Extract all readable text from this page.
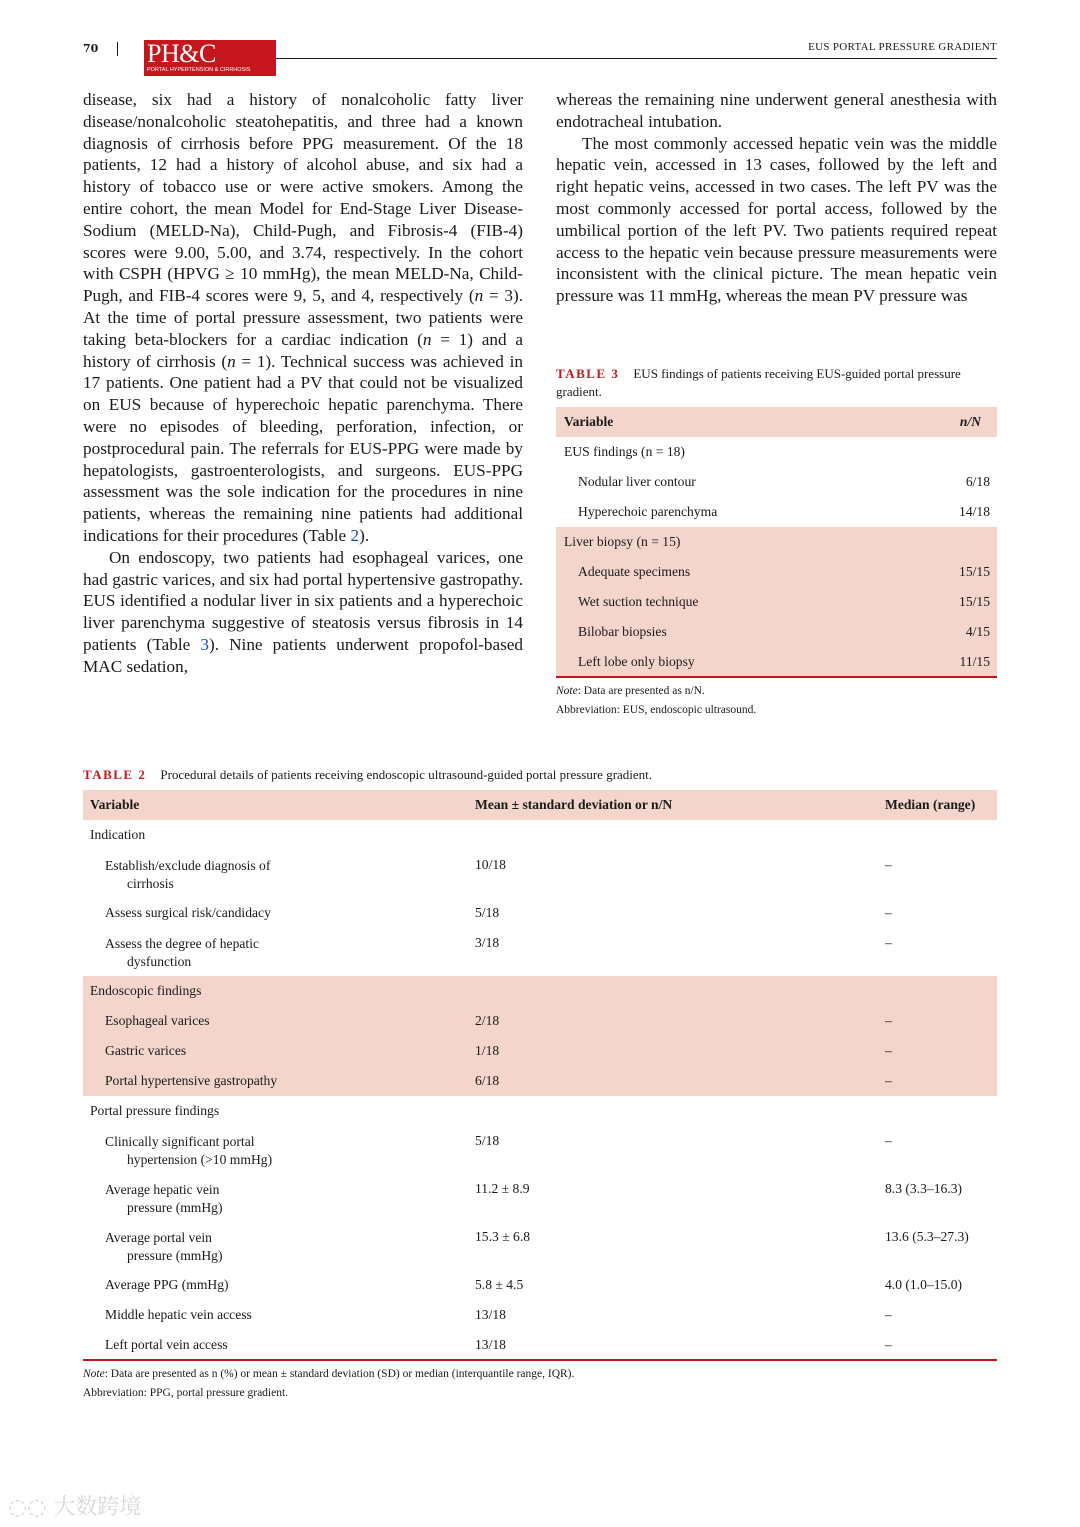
70 PH&C
PORTAL HYPERTENSION & CIRRHOSIS
EUS PORTAL PRESSURE GRADIENT

disease, six had a history of nonalcoholic fatty liver disease/nonalcoholic steatohepatitis, and three had a known diagnosis of cirrhosis before PPG measurement. Of the 18 patients, 12 had a history of alcohol abuse, and six had a history of tobacco use or were active smokers. Among the entire cohort, the mean Model for End-Stage Liver Disease-Sodium (MELD-Na), Child-Pugh, and Fibrosis-4 (FIB-4) scores were 9.00, 5.00, and 3.74, respectively. In the cohort with CSPH (HPVG ≥ 10 mmHg), the mean MELD-Na, Child-Pugh, and FIB-4 scores were 9, 5, and 4, respectively (n = 3). At the time of portal pressure assessment, two patients were taking beta-blockers for a cardiac indication (n = 1) and a history of cirrhosis (n = 1). Technical success was achieved in 17 patients. One patient had a PV that could not be visualized on EUS because of hyperechoic hepatic parenchyma. There were no episodes of bleeding, perforation, infection, or postprocedural pain. The referrals for EUS-PPG were made by hepatologists, gastroenterologists, and surgeons. EUS-PPG assessment was the sole indication for the procedures in nine patients, whereas the remaining nine patients had additional indications for their procedures (Table 2).

On endoscopy, two patients had esophageal varices, one had gastric varices, and six had portal hypertensive gastropathy. EUS identified a nodular liver in six patients and a hyperechoic liver parenchyma suggestive of steatosis versus fibrosis in 14 patients (Table 3). Nine patients underwent propofol-based MAC sedation,

whereas the remaining nine underwent general anesthesia with endotracheal intubation.

The most commonly accessed hepatic vein was the middle hepatic vein, accessed in 13 cases, followed by the left and right hepatic veins, accessed in two cases. The left PV was the most commonly accessed for portal access, followed by the umbilical portion of the left PV. Two patients required repeat access to the hepatic vein because pressure measurements were inconsistent with the clinical picture. The mean hepatic vein pressure was 11 mmHg, whereas the mean PV pressure was

TABLE 3 EUS findings of patients receiving EUS-guided portal pressure gradient.
Variable	n/N
EUS findings (n = 18)	
Nodular liver contour	6/18
Hyperechoic parenchyma	14/18
Liver biopsy (n = 15)	
Adequate specimens	15/15
Wet suction technique	15/15
Bilobar biopsies	4/15
Left lobe only biopsy	11/15
Note: Data are presented as n/N.
Abbreviation: EUS, endoscopic ultrasound.
TABLE 2 Procedural details of patients receiving endoscopic ultrasound-guided portal pressure gradient.
Variable	Mean ± standard deviation or n/N	Median (range)
Indication		

Establish/exclude diagnosis of
cirrhosis	10/18	–
Assess surgical risk/candidacy	5/18	–

Assess the degree of hepatic
dysfunction	3/18	–
Endoscopic findings		
Esophageal varices	2/18	–
Gastric varices	1/18	–
Portal hypertensive gastropathy	6/18	–
Portal pressure findings		

Clinically significant portal
hypertension (>10 mmHg)	5/18	–

Average hepatic vein
pressure (mmHg)	11.2 ± 8.9	8.3 (3.3–16.3)

Average portal vein
pressure (mmHg)	15.3 ± 6.8	13.6 (5.3–27.3)
Average PPG (mmHg)	5.8 ± 4.5	4.0 (1.0–15.0)
Middle hepatic vein access	13/18	–
Left portal vein access	13/18	–
Note: Data are presented as n (%) or mean ± standard deviation (SD) or median (interquantile range, IQR).
Abbreviation: PPG, portal pressure gradient.
◌◌ 大数跨境
